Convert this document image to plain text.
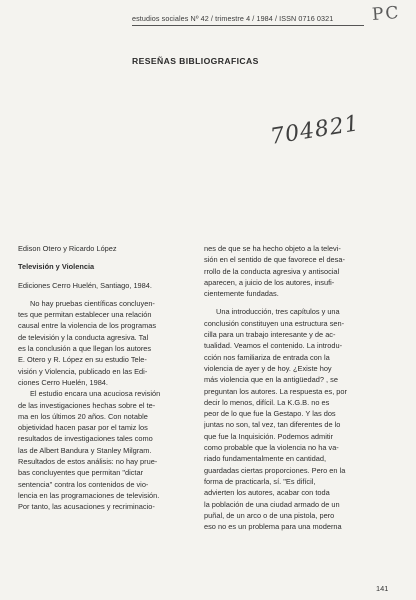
PC
estudios sociales Nº 42 / trimestre 4 / 1984 / ISSN 0716 0321
RESEÑAS BIBLIOGRAFICAS
704821
Edison Otero y Ricardo López
Televisión y Violencia
Ediciones Cerro Huelén, Santiago, 1984.
No hay pruebas científicas concluyen-
tes que permitan establecer una relación
causal entre la violencia de los programas
de televisión y la conducta agresiva. Tal
es la conclusión a que llegan los autores
E. Otero y R. López en su estudio Tele-
visión y Violencia, publicado en las Edi-
ciones Cerro Huelén, 1984.
El estudio encara una acuciosa revisión
de las investigaciones hechas sobre el te-
ma en los últimos 20 años. Con notable
objetividad hacen pasar por el tamiz los
resultados de investigaciones tales como
las de Albert Bandura y Stanley Milgram.
Resultados de estos análisis: no hay prue-
bas concluyentes que permitan "dictar
sentencia" contra los contenidos de vio-
lencia en las programaciones de televisión.
Por tanto, las acusaciones y recriminacio-
nes de que se ha hecho objeto a la televi-
sión en el sentido de que favorece el desa-
rrollo de la conducta agresiva y antisocial
aparecen, a juicio de los autores, insufi-
cientemente fundadas.
Una introducción, tres capítulos y una
conclusión constituyen una estructura sen-
cilla para un trabajo interesante y de ac-
tualidad. Veamos el contenido. La introdu-
cción nos familiariza de entrada con la
violencia de ayer y de hoy. ¿Existe hoy
más violencia que en la antigüedad? , se
preguntan los autores. La respuesta es, por
decir lo menos, difícil. La K.G.B. no es
peor de lo que fue la Gestapo. Y las dos
juntas no son, tal vez, tan diferentes de lo
que fue la Inquisición. Podemos admitir
como probable que la violencia no ha va-
riado fundamentalmente en cantidad,
guardadas ciertas proporciones. Pero en la
forma de practicarla, sí. "Es difícil,
advierten los autores, acabar con toda
la población de una ciudad armado de un
puñal, de un arco o de una pistola, pero
eso no es un problema para una moderna
141
